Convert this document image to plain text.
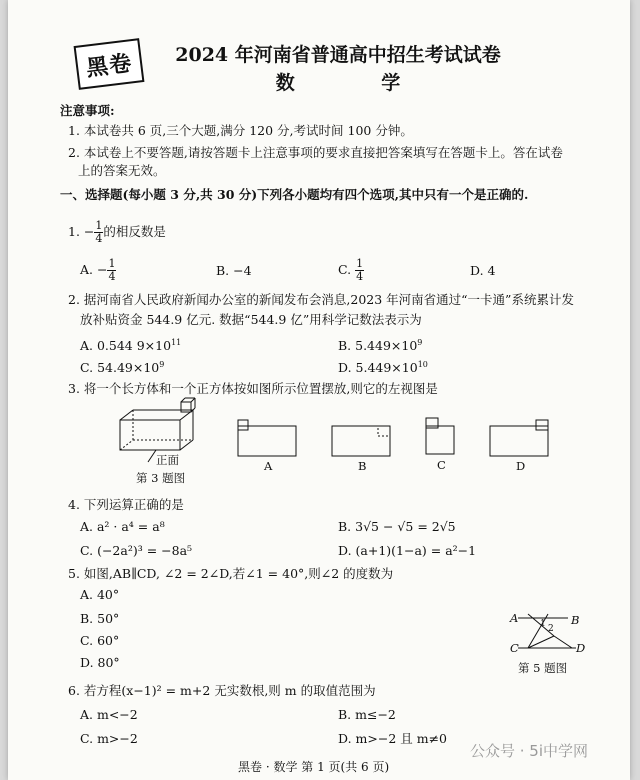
黑卷	2024 年河南省普通高中招生考试试卷
数 学
注意事项:
1. 本试卷共 6 页,三个大题,满分 120 分,考试时间 100 分钟。
2. 本试卷上不要答题,请按答题卡上注意事项的要求直接把答案填写在答题卡上。答在试卷
上的答案无效。
一、选择题(每小题 3 分,共 30 分)下列各小题均有四个选项,其中只有一个是正确的.
1. − $\frac{1}{4}$ 的相反数是
A. − $\frac{1}{4}$	B. −4	C. $\frac{1}{4}$	D. 4
2. 据河南省人民政府新闻办公室的新闻发布会消息,2023 年河南省通过“一卡通”系统累计发
放补贴资金 544.9 亿元. 数据“544.9 亿”用科学记数法表示为
A. 0.544 $9\times 10^{11}$	B. $5.449\times 10^9$
C. $54.49\times 10^9$	D. $5.449\times 10^{10}$
3. 将一个长方体和一个正方体按如图所示位置摆放,则它的左视图是
正面
第 3 题图
A	B	C	D
4. 下列运算正确的是
A. a² · a⁴ = a⁸	B. 3√5 − √5 = 2√5
C. (−2a²)³ = −8a⁵	D. (a+1)(1−a) = a²−1
5. 如图,AB∥CD, ∠2 = 2∠D,若∠1 = 40°,则∠2 的度数为
A. 40°
B. 50°
C. 60°
D. 80°
A	B
C	D
1 2
第 5 题图
6. 若方程(x−1)² = m+2 无实数根,则 m 的取值范围为
A. m<−2	B. m≤−2
C. m>−2	D. m>−2 且 m≠0
黑卷 · 数学 第 1 页(共 6 页)
公众号 · 5i中学网
